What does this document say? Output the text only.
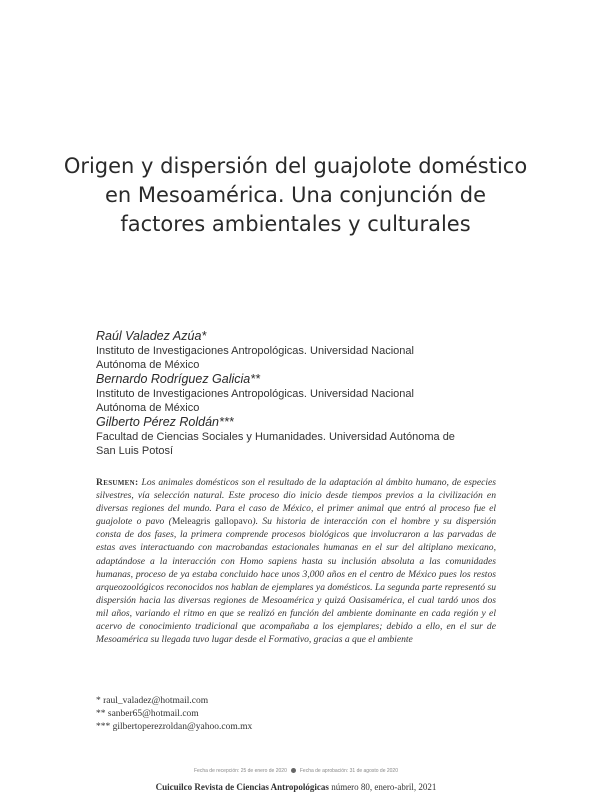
Origen y dispersión del guajolote doméstico en Mesoamérica. Una conjunción de factores ambientales y culturales
Raúl Valadez Azúa*
Instituto de Investigaciones Antropológicas. Universidad Nacional
Autónoma de México
Bernardo Rodríguez Galicia**
Instituto de Investigaciones Antropológicas. Universidad Nacional
Autónoma de México
Gilberto Pérez Roldán***
Facultad de Ciencias Sociales y Humanidades. Universidad Autónoma de
San Luis Potosí

Resumen: Los animales domésticos son el resultado de la adaptación al ámbito humano, de especies silvestres, vía selección natural. Este proceso dio inicio desde tiempos previos a la civilización en diversas regiones del mundo. Para el caso de México, el primer animal que entró al proceso fue el guajolote o pavo (Meleagris gallopavo). Su historia de interacción con el hombre y su dispersión consta de dos fases, la primera comprende procesos biológicos que involucraron a las parvadas de estas aves interactuando con macrobandas estacionales humanas en el sur del altiplano mexicano, adaptándose a la interacción con Homo sapiens hasta su inclusión absoluta a las comunidades humanas, proceso de ya estaba concluido hace unos 3,000 años en el centro de México pues los restos arqueozoológicos reconocidos nos hablan de ejemplares ya domésticos. La segunda parte representó su dispersión hacia las diversas regiones de Mesoamérica y quizá Oasisamérica, el cual tardó unos dos mil años, variando el ritmo en que se realizó en función del ambiente dominante en cada región y el acervo de conocimiento tradicional que acompañaba a los ejemplares; debido a ello, en el sur de Mesoamérica su llegada tuvo lugar desde el Formativo, gracias a que el ambiente

* raul_valadez@hotmail.com
** sanber65@hotmail.com
*** gilbertoperezroldan@yahoo.com.mx
Fecha de recepción: 25 de enero de 2020	Fecha de aprobación: 31 de agosto de 2020
Cuicuilco Revista de Ciencias Antropológicas número 80, enero-abril, 2021
